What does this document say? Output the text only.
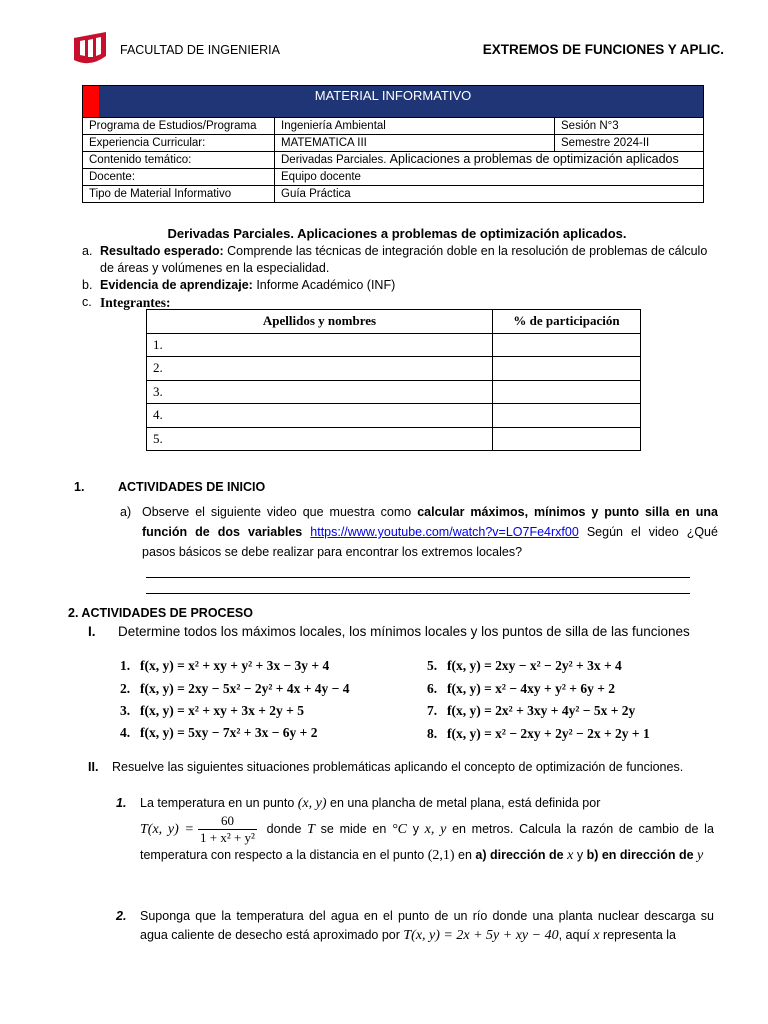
FACULTAD DE INGENIERIA	EXTREMOS DE FUNCIONES Y APLIC.
MATERIAL INFORMATIVO		
Programa de Estudios/Programa	Ingeniería Ambiental	Sesión N°3
Experiencia Curricular:	MATEMATICA III	Semestre 2024-II
Contenido temático:	Derivadas Parciales. Aplicaciones a problemas de optimización aplicados	
Docente:	Equipo docente	
Tipo de Material Informativo	Guía Práctica	
Derivadas Parciales. Aplicaciones a problemas de optimización aplicados.
a. Resultado esperado: Comprende las técnicas de integración doble en la resolución de problemas de cálculo de áreas y volúmenes en la especialidad.
b. Evidencia de aprendizaje: Informe Académico (INF)
c. Integrantes:
Apellidos y nombres	% de participación
1.	
2.	
3.	
4.	
5.	
1.	ACTIVIDADES DE INICIO
a) Observe el siguiente video que muestra como calcular máximos, mínimos y punto silla en una función de dos variables https://www.youtube.com/watch?v=LO7Fe4rxf00 Según el video ¿Qué pasos básicos se debe realizar para encontrar los extremos locales?
2. ACTIVIDADES DE PROCESO
I. Determine todos los máximos locales, los mínimos locales y los puntos de silla de las funciones
1. f(x, y) = x² + xy + y² + 3x − 3y + 4
2. f(x, y) = 2xy − 5x² − 2y² + 4x + 4y − 4
3. f(x, y) = x² + xy + 3x + 2y + 5
4. f(x, y) = 5xy − 7x² + 3x − 6y + 2
5. f(x, y) = 2xy − x² − 2y² + 3x + 4
6. f(x, y) = x² − 4xy + y² + 6y + 2
7. f(x, y) = 2x² + 3xy + 4y² − 5x + 2y
8. f(x, y) = x² − 2xy + 2y² − 2x + 2y + 1
II.	Resuelve las siguientes situaciones problemáticas aplicando el concepto de optimización de funciones.
1.	La temperatura en un punto (x, y) en una plancha de metal plana, está definida por
T(x, $y) = \frac{60}{\text{1 + x² + y²}}$ donde T se mide en °C y x, y en metros. Calcula la razón de cambio de la temperatura con respecto a la distancia en el punto (2,1) en a) dirección de x y b) en dirección de y
2.	Suponga que la temperatura del agua en el punto de un río donde una planta nuclear descarga su agua caliente de desecho está aproximado por T(x, y) = 2x + 5y + xy − 40, aquí x representa la
